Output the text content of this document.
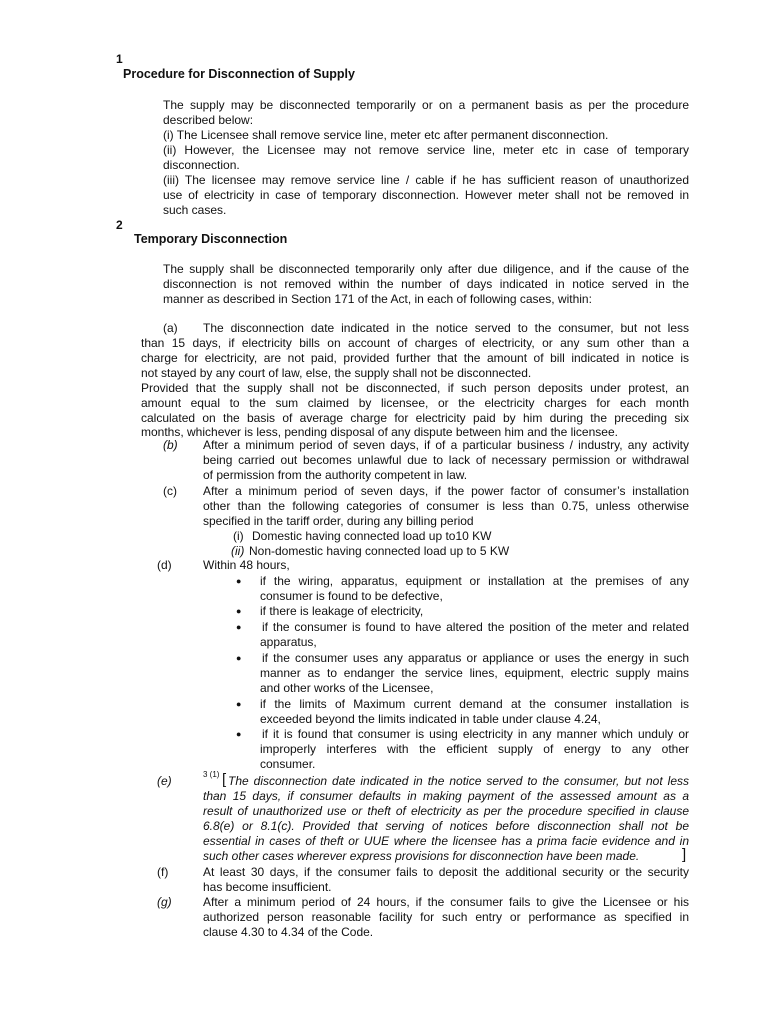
1
Procedure for Disconnection of Supply
The supply may be disconnected temporarily or on a permanent basis as per the procedure
described below:
(i) The Licensee shall remove service line, meter etc after permanent disconnection.
(ii) However, the Licensee may not remove service line, meter etc in case of temporary
disconnection.
(iii) The licensee may remove service line / cable if he has sufficient reason of unauthorized
use of electricity in case of temporary disconnection. However meter shall not be removed in
such cases.
2
Temporary Disconnection
The supply shall be disconnected temporarily only after due diligence, and if the cause of the
disconnection is not removed within the number of days indicated in notice served in the
manner as described in Section 171 of the Act, in each of following cases, within:
(a) The disconnection date indicated in the notice served to the consumer, but not less
than 15 days, if electricity bills on account of charges of electricity, or any sum other than a
charge for electricity, are not paid, provided further that the amount of bill indicated in notice is
not stayed by any court of law, else, the supply shall not be disconnected.
Provided that the supply shall not be disconnected, if such person deposits under protest, an
amount equal to the sum claimed by licensee, or the electricity charges for each month
calculated on the basis of average charge for electricity paid by him during the preceding six
months, whichever is less, pending disposal of any dispute between him and the licensee.
(b) After a minimum period of seven days, if of a particular business / industry, any activity
being carried out becomes unlawful due to lack of necessary permission or withdrawal
of permission from the authority competent in law.
(c) After a minimum period of seven days, if the power factor of consumer’s installation
other than the following categories of consumer is less than 0.75, unless otherwise
specified in the tariff order, during any billing period
(i) Domestic having connected load up to10 KW
(ii) Non-domestic having connected load up to 5 KW
(d)	Within 48 hours,
● if the wiring, apparatus, equipment or installation at the premises of any
consumer is found to be defective,
● if there is leakage of electricity,
● if the consumer is found to have altered the position of the meter and related
apparatus,
● if the consumer uses any apparatus or appliance or uses the energy in such
manner as to endanger the service lines, equipment, electric supply mains
and other works of the Licensee,
● if the limits of Maximum current demand at the consumer installation is
exceeded beyond the limits indicated in table under clause 4.24,
● if it is found that consumer is using electricity in any manner which unduly or
improperly interferes with the efficient supply of energy to any other
consumer.
(e)	3 (1) [ The disconnection date indicated in the notice served to the consumer, but not less
than 15 days, if consumer defaults in making payment of the assessed amount as a
result of unauthorized use or theft of electricity as per the procedure specified in clause
6.8(e) or 8.1(c). Provided that serving of notices before disconnection shall not be
essential in cases of theft or UUE where the licensee has a prima facie evidence and in
such other cases wherever express provisions for disconnection have been made.	]
(f)	At least 30 days, if the consumer fails to deposit the additional security or the security
has become insufficient.
(g)	After a minimum period of 24 hours, if the consumer fails to give the Licensee or his
authorized person reasonable facility for such entry or performance as specified in
clause 4.30 to 4.34 of the Code.
